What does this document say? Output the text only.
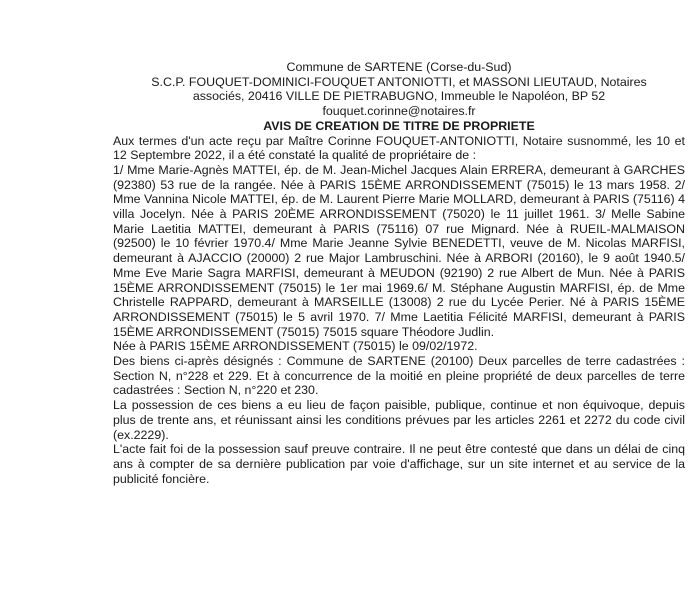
Commune de SARTENE (Corse-du-Sud)
S.C.P. FOUQUET-DOMINICI-FOUQUET ANTONIOTTI, et MASSONI LIEUTAUD, Notaires
associés, 20416 VILLE DE PIETRABUGNO, Immeuble le Napoléon, BP 52
fouquet.corinne@notaires.fr
AVIS DE CREATION DE TITRE DE PROPRIETE

Aux termes d'un acte reçu par Maître Corinne FOUQUET-ANTONIOTTI, Notaire susnommé, les 10 et 12 Septembre 2022, il a été constaté la qualité de propriétaire de :

1/ Mme Marie-Agnès MATTEI, ép. de M. Jean-Michel Jacques Alain ERRERA, demeurant à GARCHES (92380) 53 rue de la rangée. Née à PARIS 15ÈME ARRONDISSEMENT (75015) le 13 mars 1958. 2/ Mme Vannina Nicole MATTEI, ép. de M. Laurent Pierre Marie MOLLARD, demeurant à PARIS (75116) 4 villa Jocelyn. Née à PARIS 20ÈME ARRONDISSEMENT (75020) le 11 juillet 1961. 3/ Melle Sabine Marie Laetitia MATTEI, demeurant à PARIS (75116) 07 rue Mignard. Née à RUEIL-MALMAISON (92500) le 10 février 1970.4/ Mme Marie Jeanne Sylvie BENEDETTI, veuve de M. Nicolas MARFISI, demeurant à AJACCIO (20000) 2 rue Major Lambruschini. Née à ARBORI (20160), le 9 août 1940.5/ Mme Eve Marie Sagra MARFISI, demeurant à MEUDON (92190) 2 rue Albert de Mun. Née à PARIS 15ÈME ARRONDISSEMENT (75015) le 1er mai 1969.6/ M. Stéphane Augustin MARFISI, ép. de Mme Christelle RAPPARD, demeurant à MARSEILLE (13008) 2 rue du Lycée Perier. Né à PARIS 15ÈME ARRONDISSEMENT (75015) le 5 avril 1970. 7/ Mme Laetitia Félicité MARFISI, demeurant à PARIS 15ÈME ARRONDISSEMENT (75015) 75015 square Théodore Judlin.

Née à PARIS 15ÈME ARRONDISSEMENT (75015) le 09/02/1972.

Des biens ci-après désignés : Commune de SARTENE (20100) Deux parcelles de terre cadastrées : Section N, n°228 et 229. Et à concurrence de la moitié en pleine propriété de deux parcelles de terre cadastrées : Section N, n°220 et 230.

La possession de ces biens a eu lieu de façon paisible, publique, continue et non équivoque, depuis plus de trente ans, et réunissant ainsi les conditions prévues par les articles 2261 et 2272 du code civil (ex.2229).

L'acte fait foi de la possession sauf preuve contraire. Il ne peut être contesté que dans un délai de cinq ans à compter de sa dernière publication par voie d'affichage, sur un site internet et au service de la publicité foncière.
